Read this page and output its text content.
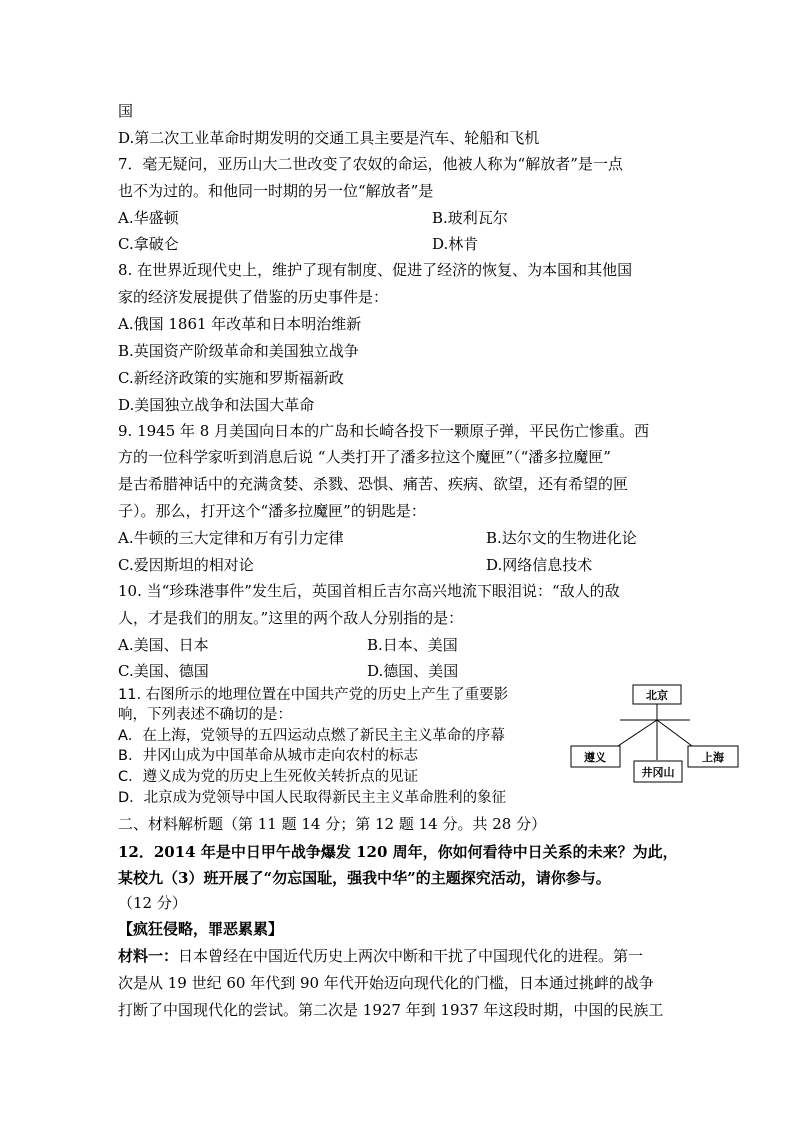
国
D.第二次工业革命时期发明的交通工具主要是汽车、轮船和飞机
7．毫无疑问，亚历山大二世改变了农奴的命运，他被人称为“解放者”是一点
也不为过的。和他同一时期的另一位“解放者”是
A.华盛顿	B.玻利瓦尔
C.拿破仑	D.林肯
8. 在世界近现代史上，维护了现有制度、促进了经济的恢复、为本国和其他国
家的经济发展提供了借鉴的历史事件是：
A.俄国 1861 年改革和日本明治维新
B.英国资产阶级革命和美国独立战争
C.新经济政策的实施和罗斯福新政
D.美国独立战争和法国大革命
9. 1945 年 8 月美国向日本的广岛和长崎各投下一颗原子弹，平民伤亡惨重。西
方的一位科学家听到消息后说 “人类打开了潘多拉这个魔匣”（“潘多拉魔匣”
是古希腊神话中的充满贪婪、杀戮、恐惧、痛苦、疾病、欲望，还有希望的匣
子）。那么，打开这个“潘多拉魔匣”的钥匙是：
A.牛顿的三大定律和万有引力定律	B.达尔文的生物进化论
C.爱因斯坦的相对论	D.网络信息技术
10. 当“珍珠港事件”发生后，英国首相丘吉尔高兴地流下眼泪说：“敌人的敌
人，才是我们的朋友。”这里的两个敌人分别指的是：
A.美国、日本	B.日本、美国
C.美国、德国	D.德国、美国
11. 右图所示的地理位置在中国共产党的历史上产生了重要影
响，下列表述不确切的是：
A．在上海，党领导的五四运动点燃了新民主主义革命的序幕
B．井冈山成为中国革命从城市走向农村的标志
C．遵义成为党的历史上生死攸关转折点的见证
D．北京成为党领导中国人民取得新民主主义革命胜利的象征
北京
遵义
井冈山
上海
二、材料解析题（第 11 题 14 分；第 12 题 14 分。共 28 分）
12．2014 年是中日甲午战争爆发 120 周年，你如何看待中日关系的未来？为此，
某校九（3）班开展了“勿忘国耻，强我中华”的主题探究活动，请你参与。
（12 分）
【疯狂侵略，罪恶累累】
材料一：日本曾经在中国近代历史上两次中断和干扰了中国现代化的进程。第一
次是从 19 世纪 60 年代到 90 年代开始迈向现代化的门槛，日本通过挑衅的战争
打断了中国现代化的尝试。第二次是 1927 年到 1937 年这段时期，中国的民族工
